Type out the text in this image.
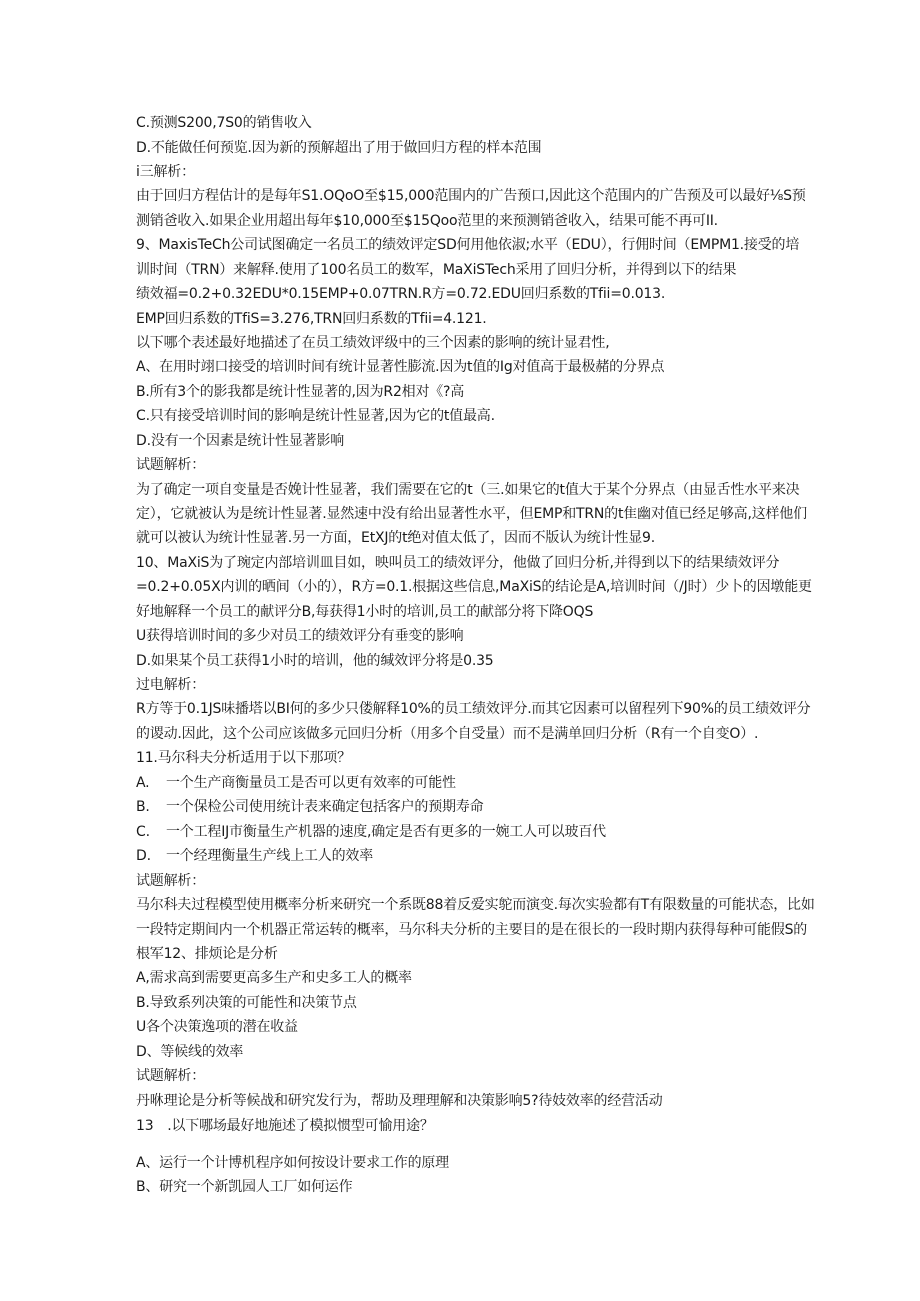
C.预测S200,7S0的销售收入
D.不能做任何预览.因为新的预解超出了用于做回归方程的样本范围
i三解析：
由于回归方程估计的是每年S1.OQoO至$15,000范围内的广告预口,因此这个范围内的广告预及可以最好⅛S预
测销爸收入.如果企业用超出每年$10,000至$15Qoo范里的来预测销爸收入，结果可能不再可II.
9、MaxisTeCh公司试图确定一名员工的绩效评定SD何用他依淑;水平（EDU），行佣时间（EMPM1.接受的培
训时间（TRN）来解释.使用了100名员工的数军，MaXiSTech采用了回归分析，并得到以下的结果
绩效福=0.2+0.32EDU*0.15EMP+0.07TRN.R方=0.72.EDU回归系数的Tfii=0.013.
EMP回归系数的TfiS=3.276,TRN回归系数的Tfii=4.121.
以下哪个表述最好地描述了在员工绩效评级中的三个因素的影响的统计显君性,
A、在用时翊口接受的培训时间有统计显著性膨流.因为t值的Ig对值高于最极赭的分界点
B.所有3个的影我都是统计性显著的,因为R2相对《?高
C.只有接受培训时间的影响是统计性显著,因为它的t值最高.
D.没有一个因素是统计性显著影响
试题解析：
为了确定一项自变量是否娩计性显著，我们需要在它的t（三.如果它的t值大于某个分界点（由显舌性水平来决
定），它就被认为是统计性显著.显然速中没有给出显著性水平，但EMP和TRN的t隹幽对值已经足够高,这样他们
就可以被认为统计性显著.另一方面，EtXJ的t绝对值太低了，因而不版认为统计性显9.
10、MaXiS为了琬定内部培训皿目如，映叫员工的绩效评分，他做了回归分析,并得到以下的结果绩效评分
=0.2+0.05X内训的晒间（小的），R方=0.1.根据这些信息,MaXiS的结论是A,培训时间（/J时）少卜的因墩能更
好地解释一个员工的献评分B,每获得1小时的培训,员工的献部分将下降OQS
U获得培训时间的多少对员工的绩效评分有垂变的影响
D.如果某个员工获得1小时的培训，他的缄效评分将是0.35
过电解析：
R方等于0.1JS味播塔以BI何的多少只偻解释10%的员工绩效评分.而其它因素可以留程列下90%的员工绩效评分
的谡动.因此，这个公司应该做多元回归分析（用多个自受量）而不是满单回归分析（R有一个自变O）.
11.马尔科夫分析适用于以下那项？
A. 一个生产商衡量员工是否可以更有效率的可能性
B. 一个保检公司使用统计表来确定包括客户的预期寿命
C. 一个工程IJ市衡量生产机器的速度,确定是否有更多的一婉工人可以玻百代
D. 一个经理衡量生产线上工人的效率
试题解析：
马尔科夫过程模型使用概率分析来研究一个系既88着反爱实鸵而演变.每次实验都有T有限数量的可能状态，比如
一段特定期间内一个机器正常运转的概率，马尔科夫分析的主要目的是在很长的一段时期内获得每种可能假S的
根军12、排烦论是分析
A,需求高到需要更高多生产和史多工人的概率
B.导致系列决策的可能性和决策节点
U各个决策逸项的潜在收益
D、等候线的效率
试题解析：
丹咻理论是分析等候战和研究发行为，帮助及理理解和决策影响5?待妓效率的经营活动
13　.以下哪场最好地施述了模拟惯型可愉用途？
A、运行一个计博机程序如何按设计要求工作的原理
B、研究一个新凯园人工厂如何运作
